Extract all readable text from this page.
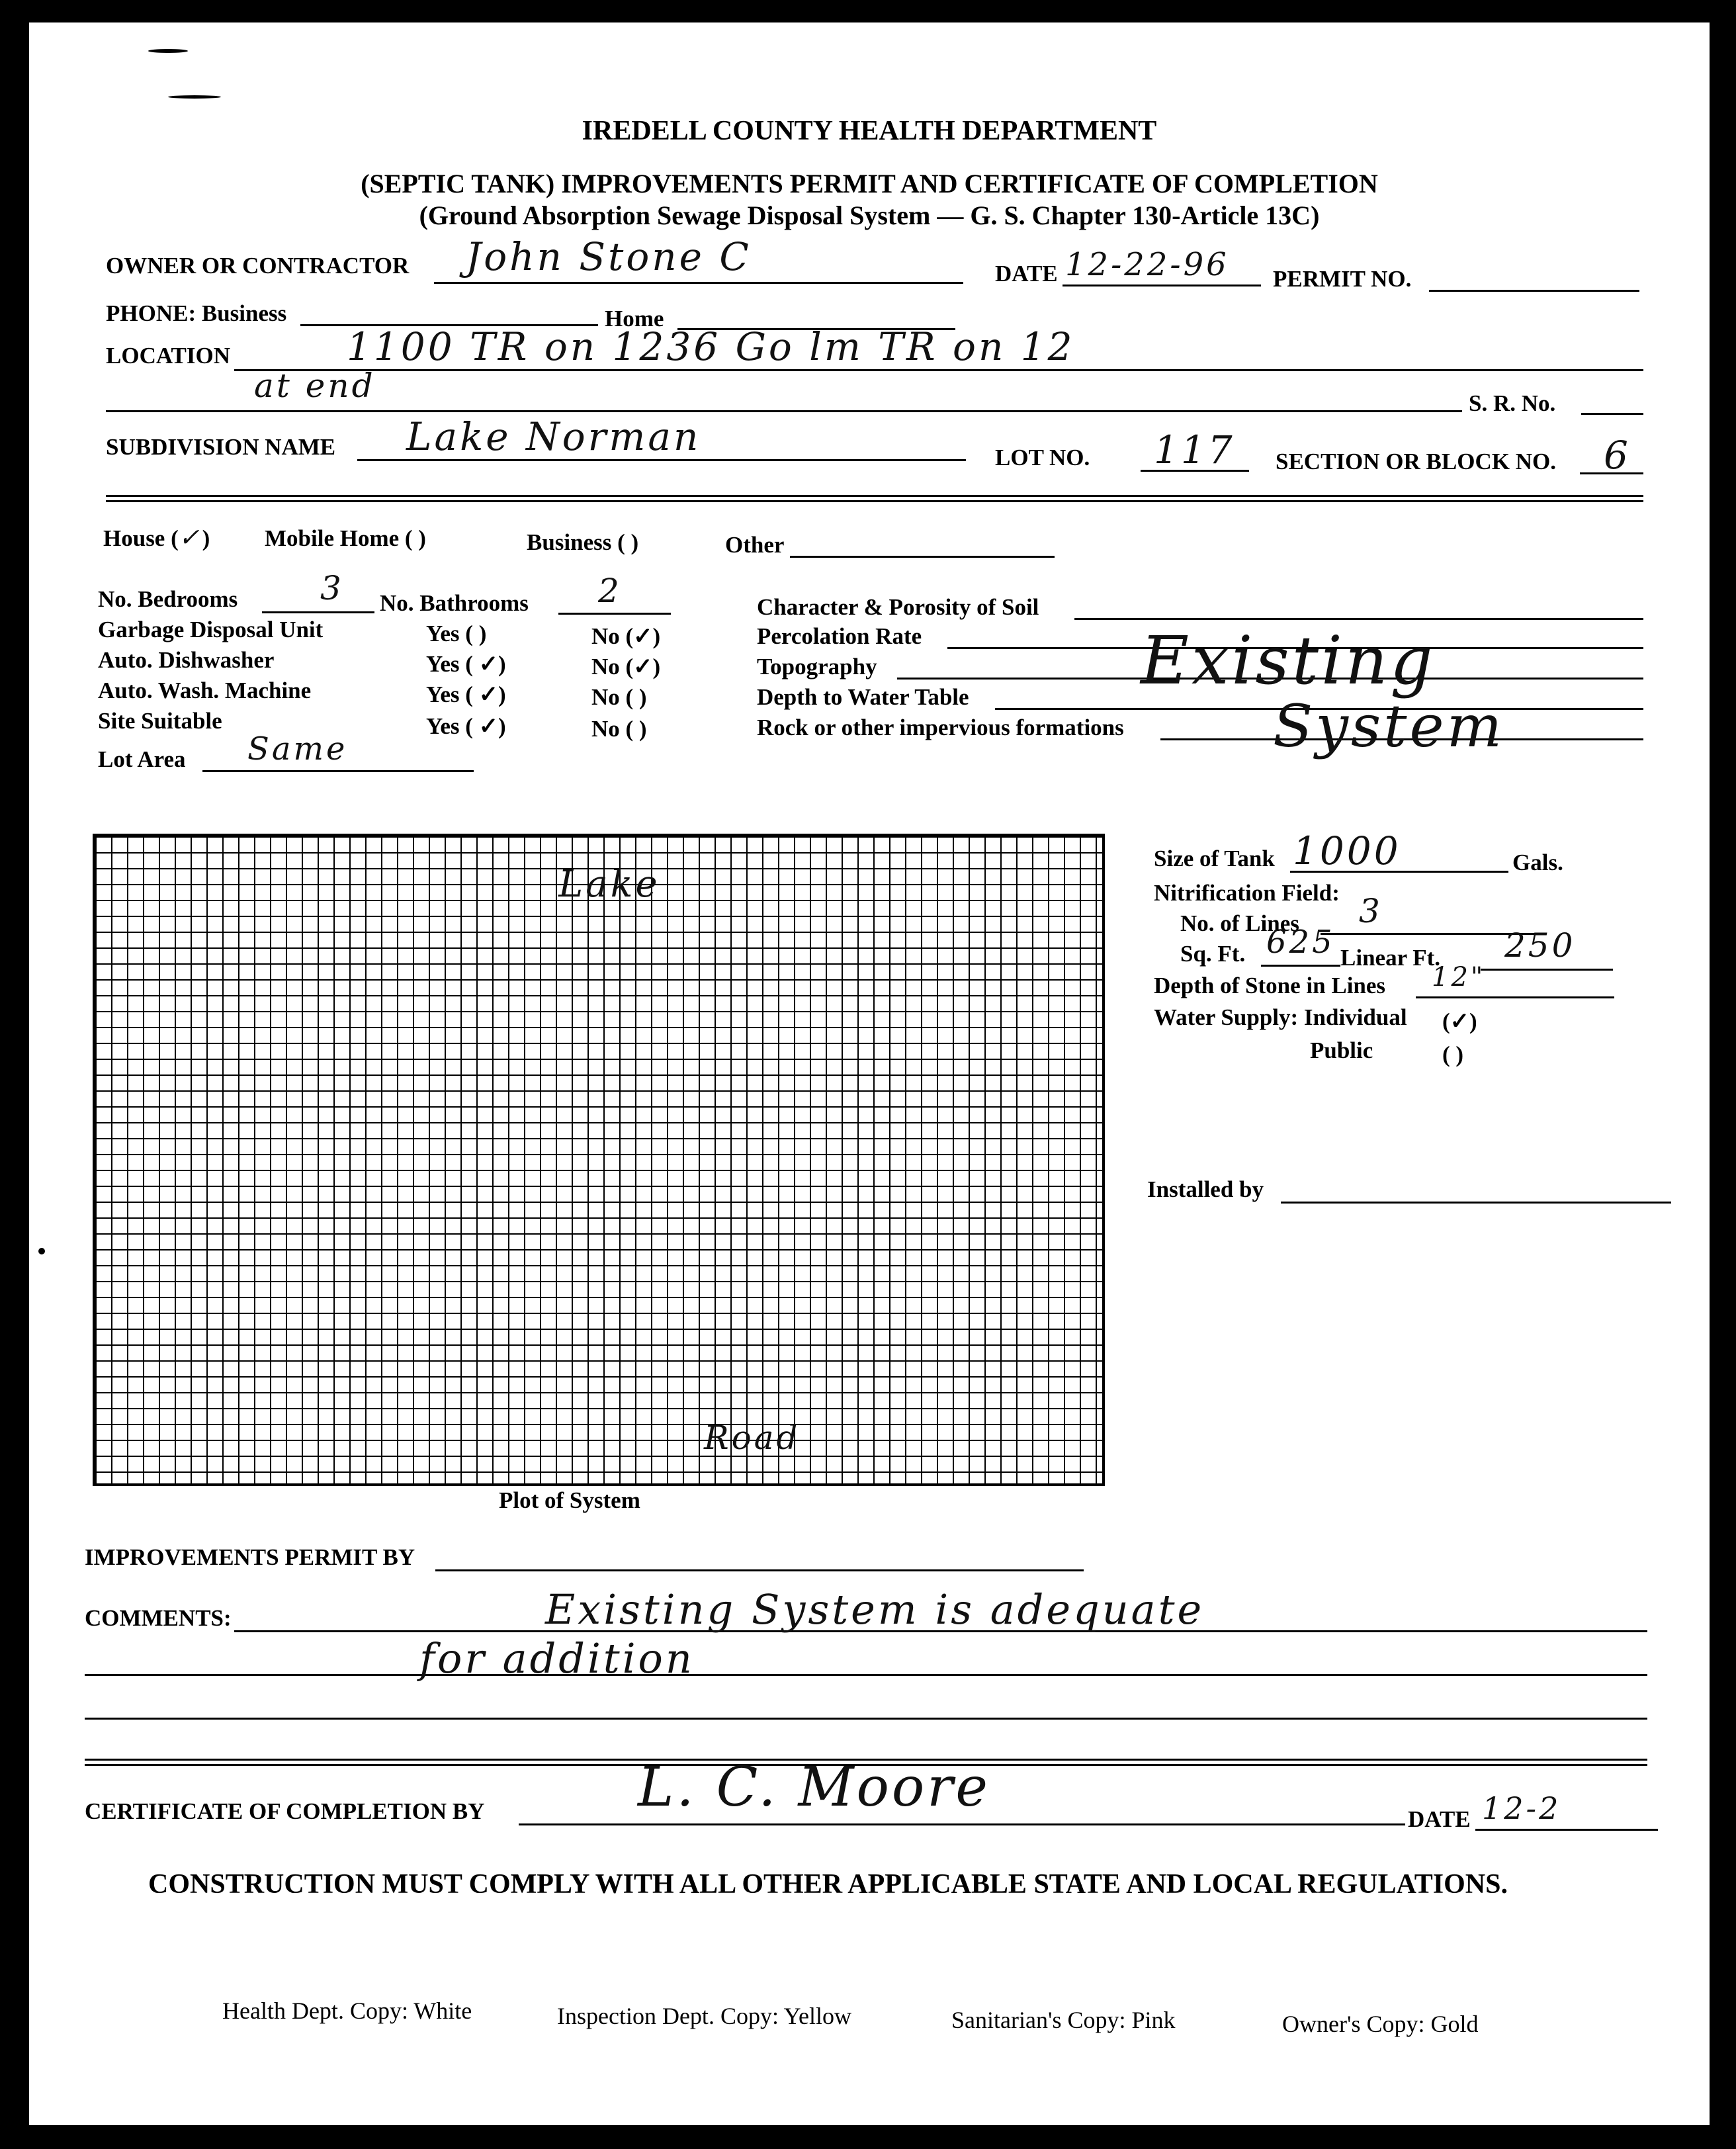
IREDELL COUNTY HEALTH DEPARTMENT
(SEPTIC TANK) IMPROVEMENTS PERMIT AND CERTIFICATE OF COMPLETION
(Ground Absorption Sewage Disposal System — G. S. Chapter 130-Article 13C)
OWNER OR CONTRACTOR John Stone C	DATE 12-22-96 PERMIT NO.
PHONE: Business	Home
LOCATION	1100 TR on 1236 Go lm TR on 12
at end	S. R. No.
SUBDIVISION NAME Lake Norman	LOT NO. 117 SECTION OR BLOCK NO. 6
House (✓) Mobile Home ( )	Business ( )	Other
No. Bedrooms 3 No. Bathrooms 2
Garbage Disposal Unit	Yes ( )	No (✓)
Auto. Dishwasher	Yes ( ✓)	No (✓)
Auto. Wash. Machine	Yes ( ✓)	No ( )
Site Suitable	Yes ( ✓)	No ( )
Lot Area Same
Character & Porosity of Soil
Percolation Rate
Topography
Depth to Water Table
Rock or other impervious formations
Existing
System
Lake
Road
Plot of System
Size of Tank 1000	Gals.
Nitrification Field:
No. of Lines 3
Sq. Ft. 625 Linear Ft. 250
Depth of Stone in Lines 12"
Water Supply: Individual (✓)
Public	( )
Installed by
IMPROVEMENTS PERMIT BY
COMMENTS:	Existing System is adequate
for addition
CERTIFICATE OF COMPLETION BY	L. C. Moore
DATE 12-2
CONSTRUCTION MUST COMPLY WITH ALL OTHER APPLICABLE STATE AND LOCAL REGULATIONS.
Health Dept. Copy: White	Inspection Dept. Copy: Yellow	Sanitarian's Copy: Pink	Owner's Copy: Gold
